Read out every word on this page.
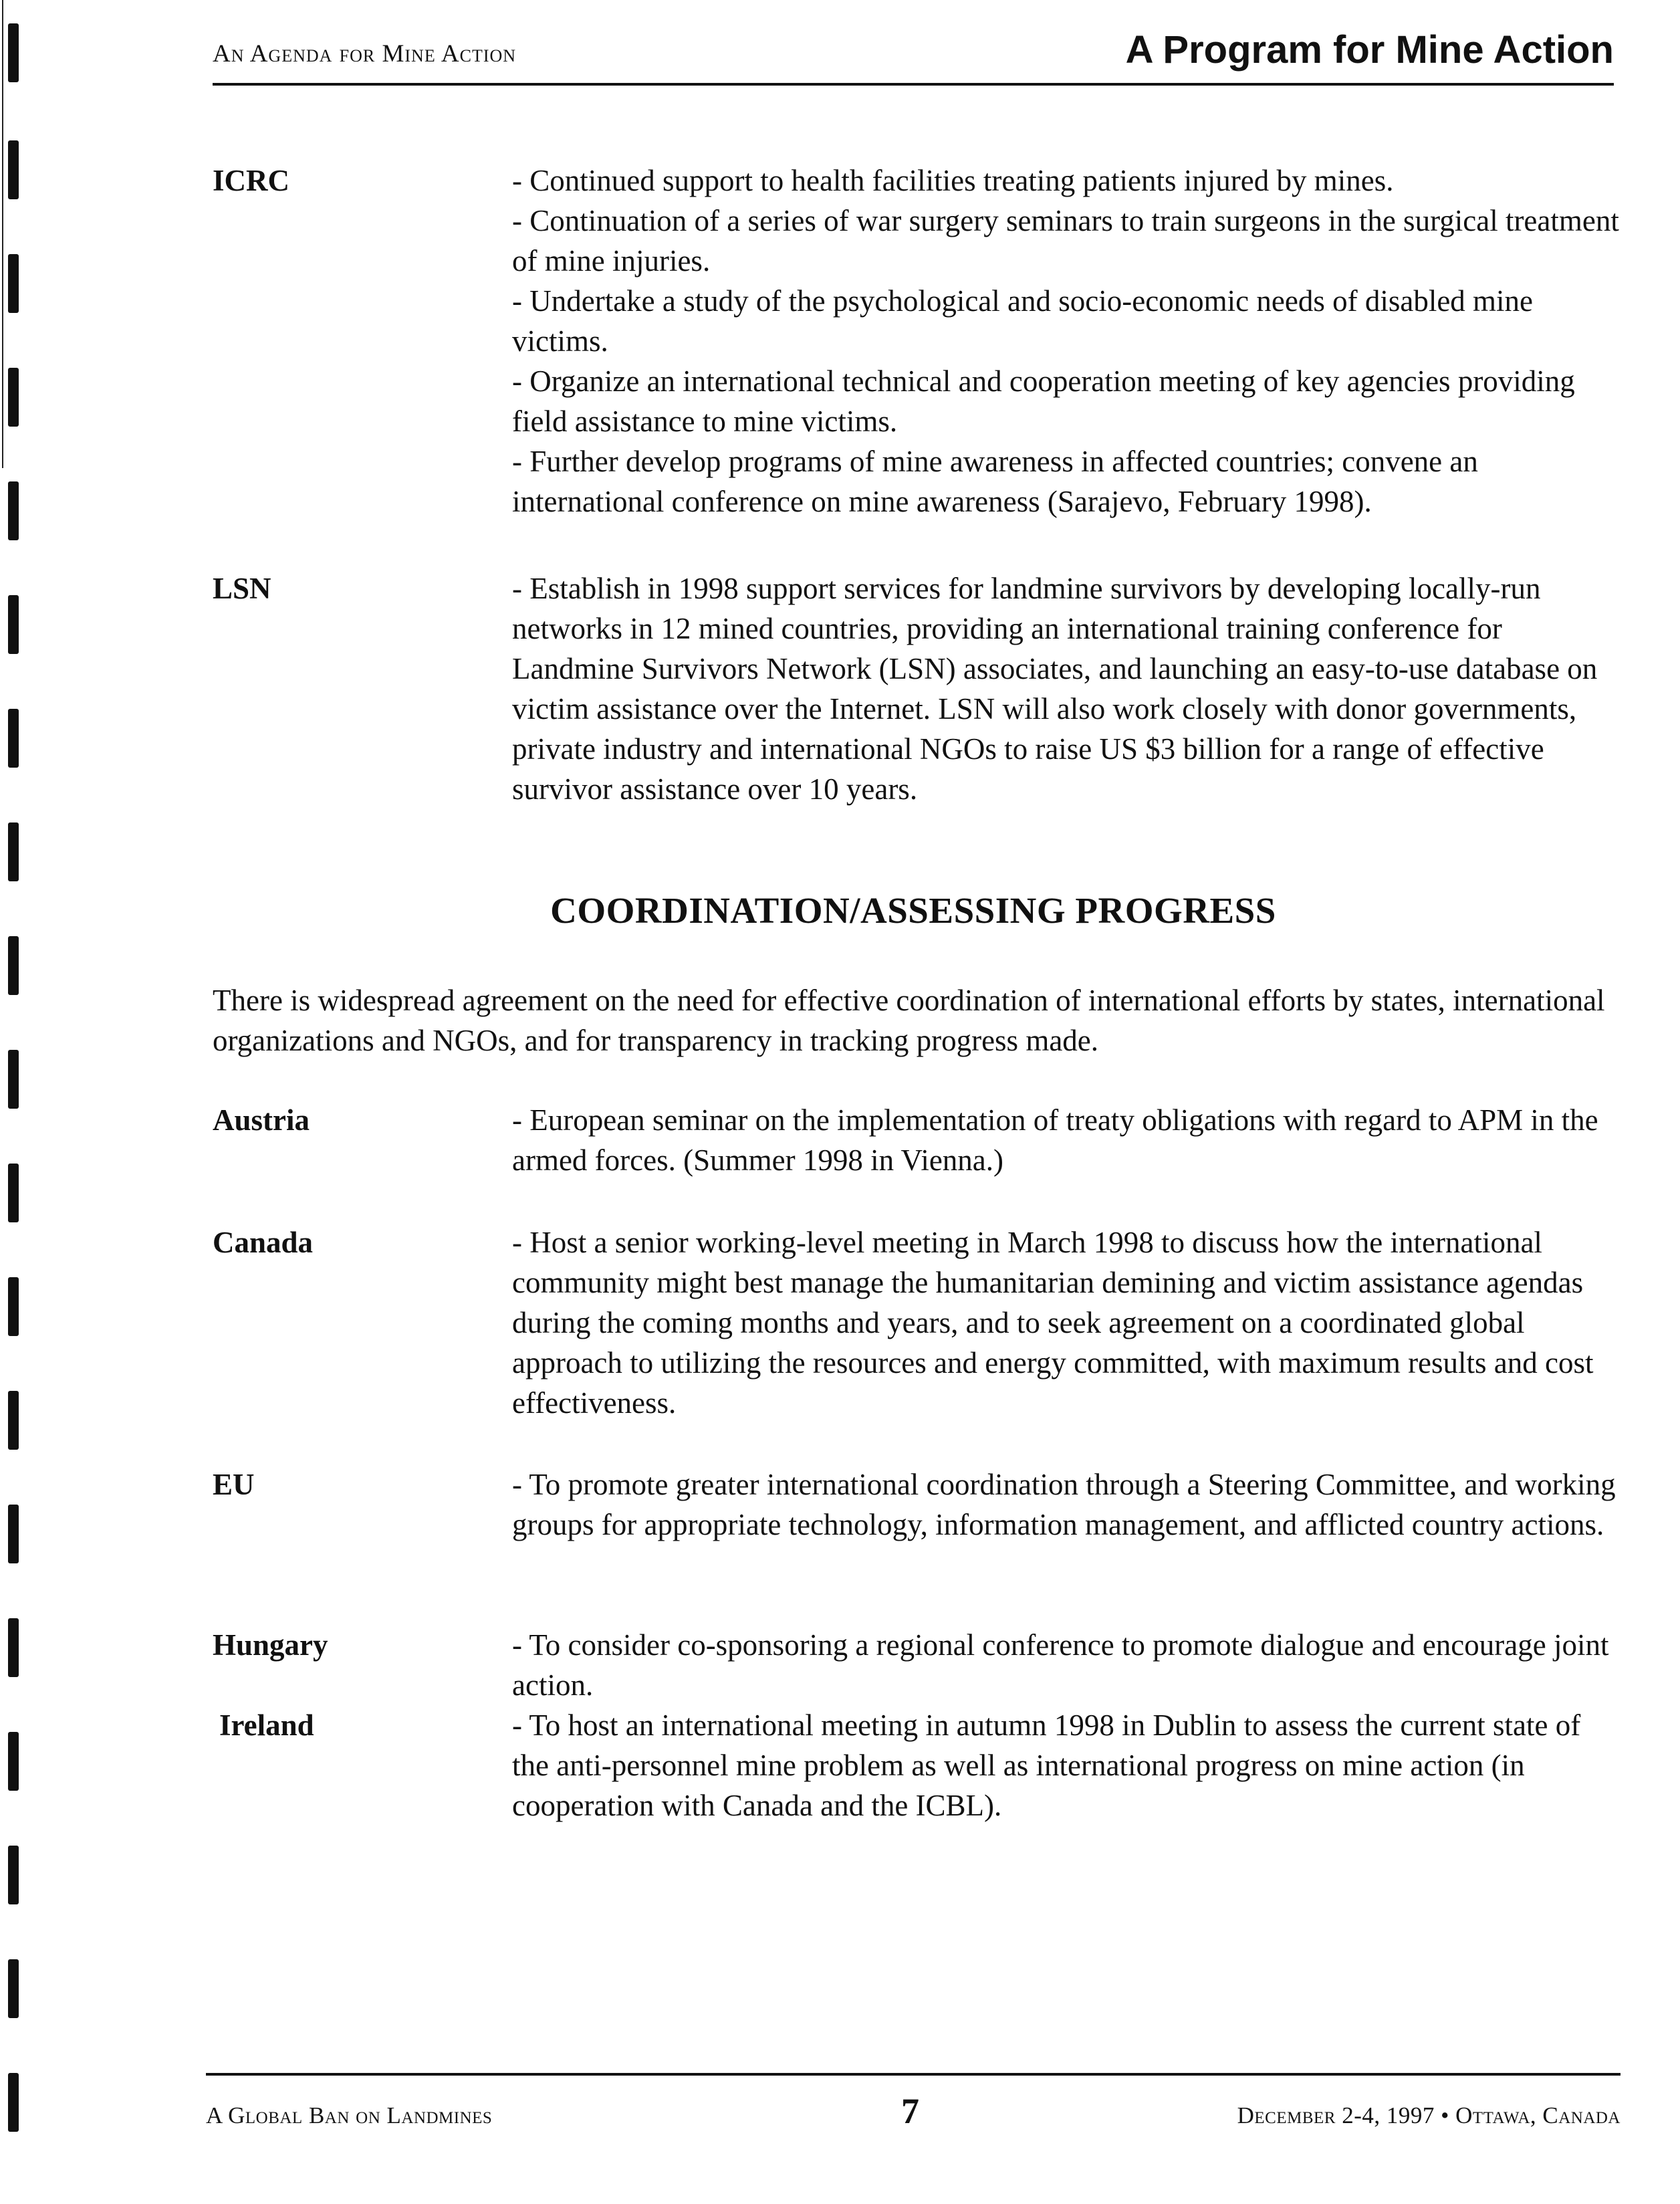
An Agenda for Mine Action	A Program for Mine Action
ICRC	- Continued support to health facilities treating patients injured by mines.
- Continuation of a series of war surgery seminars to train surgeons in the surgical treatment of mine injuries.
- Undertake a study of the psychological and socio-economic needs of disabled mine victims.
- Organize an international technical and cooperation meeting of key agencies providing field assistance to mine victims.
- Further develop programs of mine awareness in affected countries; convene an international conference on mine awareness (Sarajevo, February 1998).
LSN	- Establish in 1998 support services for landmine survivors by developing locally-run networks in 12 mined countries, providing an international training conference for Landmine Survivors Network (LSN) associates, and launching an easy-to-use database on victim assistance over the Internet. LSN will also work closely with donor governments, private industry and international NGOs to raise US $3 billion for a range of effective survivor assistance over 10 years.
COORDINATION/ASSESSING PROGRESS
There is widespread agreement on the need for effective coordination of international efforts by states, international organizations and NGOs, and for transparency in tracking progress made.
Austria	- European seminar on the implementation of treaty obligations with regard to APM in the armed forces. (Summer 1998 in Vienna.)
Canada	- Host a senior working-level meeting in March 1998 to discuss how the international community might best manage the humanitarian demining and victim assistance agendas during the coming months and years, and to seek agreement on a coordinated global approach to utilizing the resources and energy committed, with maximum results and cost effectiveness.
EU	- To promote greater international coordination through a Steering Committee, and working groups for appropriate technology, information management, and afflicted country actions.
Hungary	- To consider co-sponsoring a regional conference to promote dialogue and encourage joint action.
Ireland	- To host an international meeting in autumn 1998 in Dublin to assess the current state of the anti-personnel mine problem as well as international progress on mine action (in cooperation with Canada and the ICBL).
A Global Ban on Landmines	7	December 2-4, 1997 • Ottawa, Canada
